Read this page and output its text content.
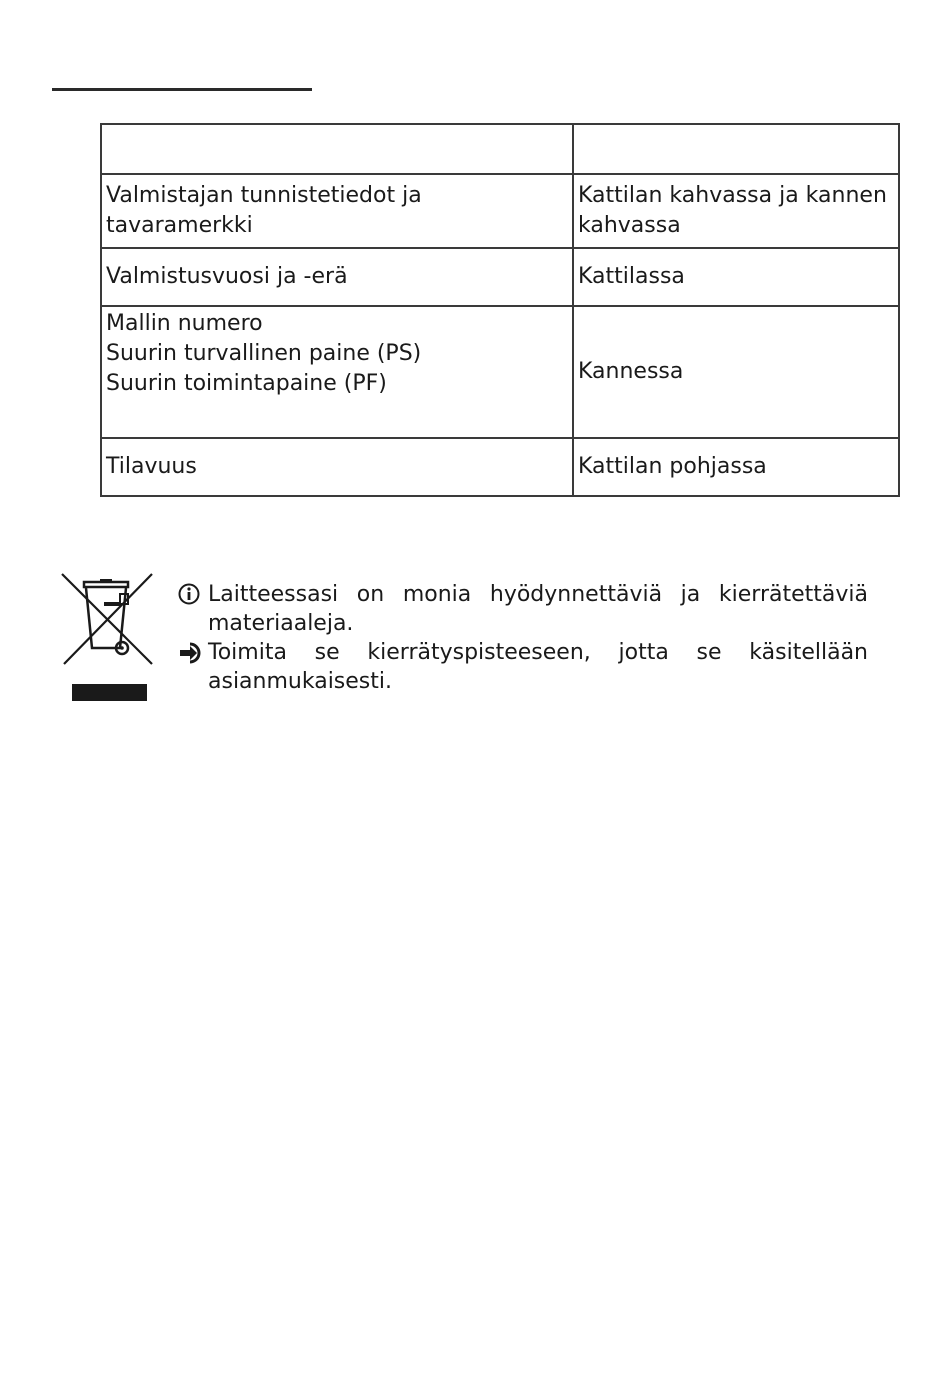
Valmistajan tunnistetiedot ja tavaramerkki	Kattilan kahvassa ja kannen
kahvassa

Valmistusvuosi ja -erä	Kattilassa

Mallin numero
Suurin turvallinen paine (PS)
Suurin toimintapaine (PF)	Kannessa

Tilavuus	Kattilan pohjassa
Laitteessasi on monia hyödynnettäviä ja kierrätettäviä
materiaaleja.
Toimita se kierrätyspisteeseen, jotta se käsitellään
asianmukaisesti.
